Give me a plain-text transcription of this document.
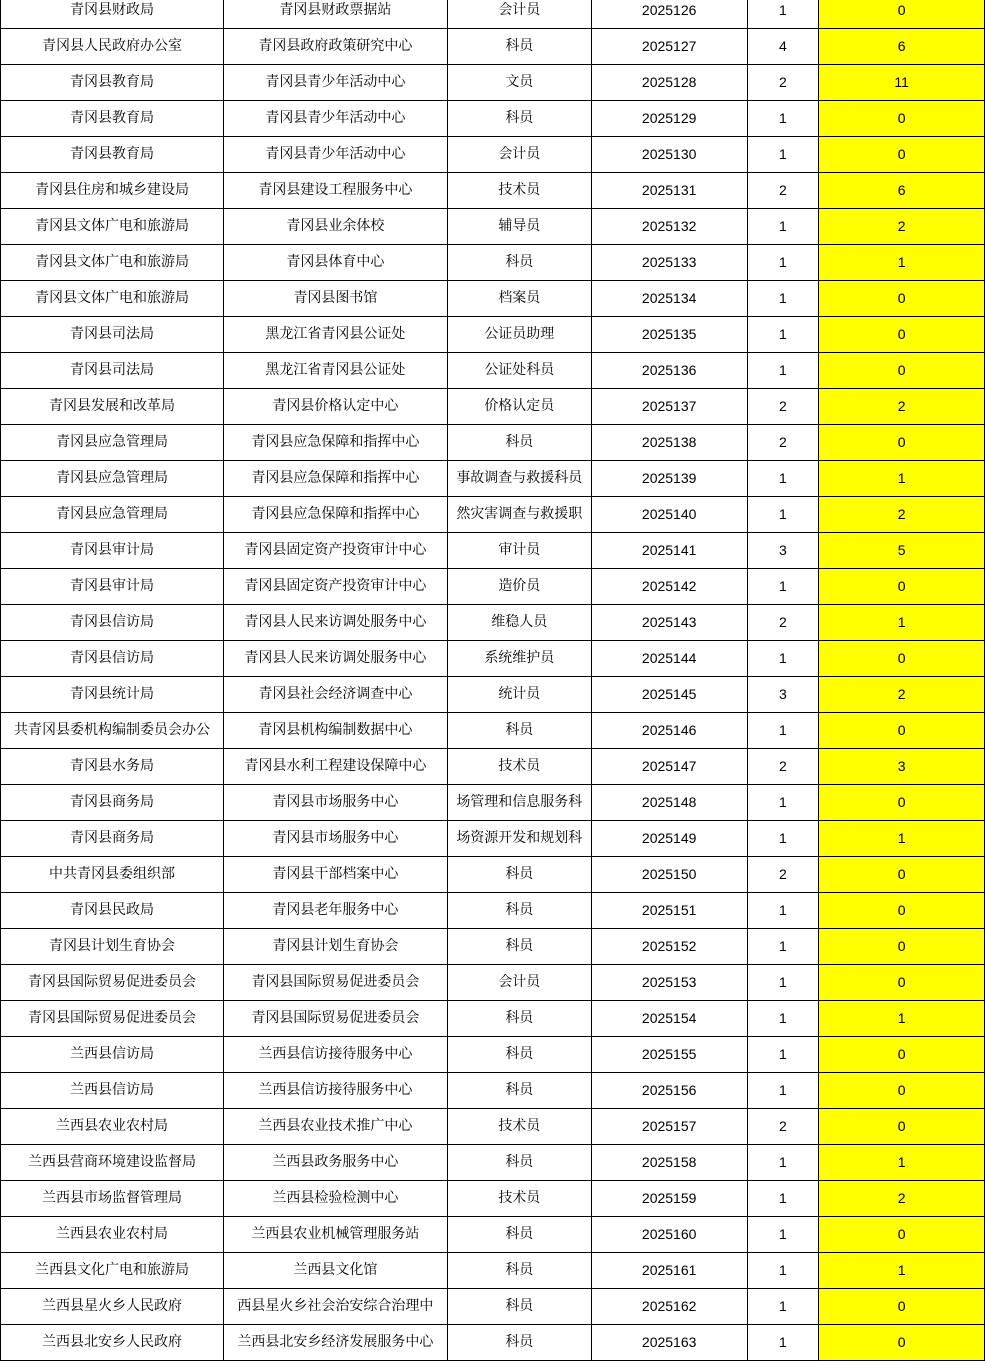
青冈县财政局	青冈县财政票据站	会计员	2025126	1	0
青冈县人民政府办公室	青冈县政府政策研究中心	科员	2025127	4	6
青冈县教育局	青冈县青少年活动中心	文员	2025128	2	11
青冈县教育局	青冈县青少年活动中心	科员	2025129	1	0
青冈县教育局	青冈县青少年活动中心	会计员	2025130	1	0
青冈县住房和城乡建设局	青冈县建设工程服务中心	技术员	2025131	2	6
青冈县文体广电和旅游局	青冈县业余体校	辅导员	2025132	1	2
青冈县文体广电和旅游局	青冈县体育中心	科员	2025133	1	1
青冈县文体广电和旅游局	青冈县图书馆	档案员	2025134	1	0
青冈县司法局	黑龙江省青冈县公证处	公证员助理	2025135	1	0
青冈县司法局	黑龙江省青冈县公证处	公证处科员	2025136	1	0
青冈县发展和改革局	青冈县价格认定中心	价格认定员	2025137	2	2
青冈县应急管理局	青冈县应急保障和指挥中心	科员	2025138	2	0
青冈县应急管理局	青冈县应急保障和指挥中心	事故调查与救援科员	2025139	1	1
青冈县应急管理局	青冈县应急保障和指挥中心	然灾害调查与救援职	2025140	1	2
青冈县审计局	青冈县固定资产投资审计中心	审计员	2025141	3	5
青冈县审计局	青冈县固定资产投资审计中心	造价员	2025142	1	0
青冈县信访局	青冈县人民来访调处服务中心	维稳人员	2025143	2	1
青冈县信访局	青冈县人民来访调处服务中心	系统维护员	2025144	1	0
青冈县统计局	青冈县社会经济调查中心	统计员	2025145	3	2
共青冈县委机构编制委员会办公	青冈县机构编制数据中心	科员	2025146	1	0
青冈县水务局	青冈县水利工程建设保障中心	技术员	2025147	2	3
青冈县商务局	青冈县市场服务中心	场管理和信息服务科	2025148	1	0
青冈县商务局	青冈县市场服务中心	场资源开发和规划科	2025149	1	1
中共青冈县委组织部	青冈县干部档案中心	科员	2025150	2	0
青冈县民政局	青冈县老年服务中心	科员	2025151	1	0
青冈县计划生育协会	青冈县计划生育协会	科员	2025152	1	0
青冈县国际贸易促进委员会	青冈县国际贸易促进委员会	会计员	2025153	1	0
青冈县国际贸易促进委员会	青冈县国际贸易促进委员会	科员	2025154	1	1
兰西县信访局	兰西县信访接待服务中心	科员	2025155	1	0
兰西县信访局	兰西县信访接待服务中心	科员	2025156	1	0
兰西县农业农村局	兰西县农业技术推广中心	技术员	2025157	2	0
兰西县营商环境建设监督局	兰西县政务服务中心	科员	2025158	1	1
兰西县市场监督管理局	兰西县检验检测中心	技术员	2025159	1	2
兰西县农业农村局	兰西县农业机械管理服务站	科员	2025160	1	0
兰西县文化广电和旅游局	兰西县文化馆	科员	2025161	1	1
兰西县星火乡人民政府	西县星火乡社会治安综合治理中	科员	2025162	1	0
兰西县北安乡人民政府	兰西县北安乡经济发展服务中心	科员	2025163	1	0
